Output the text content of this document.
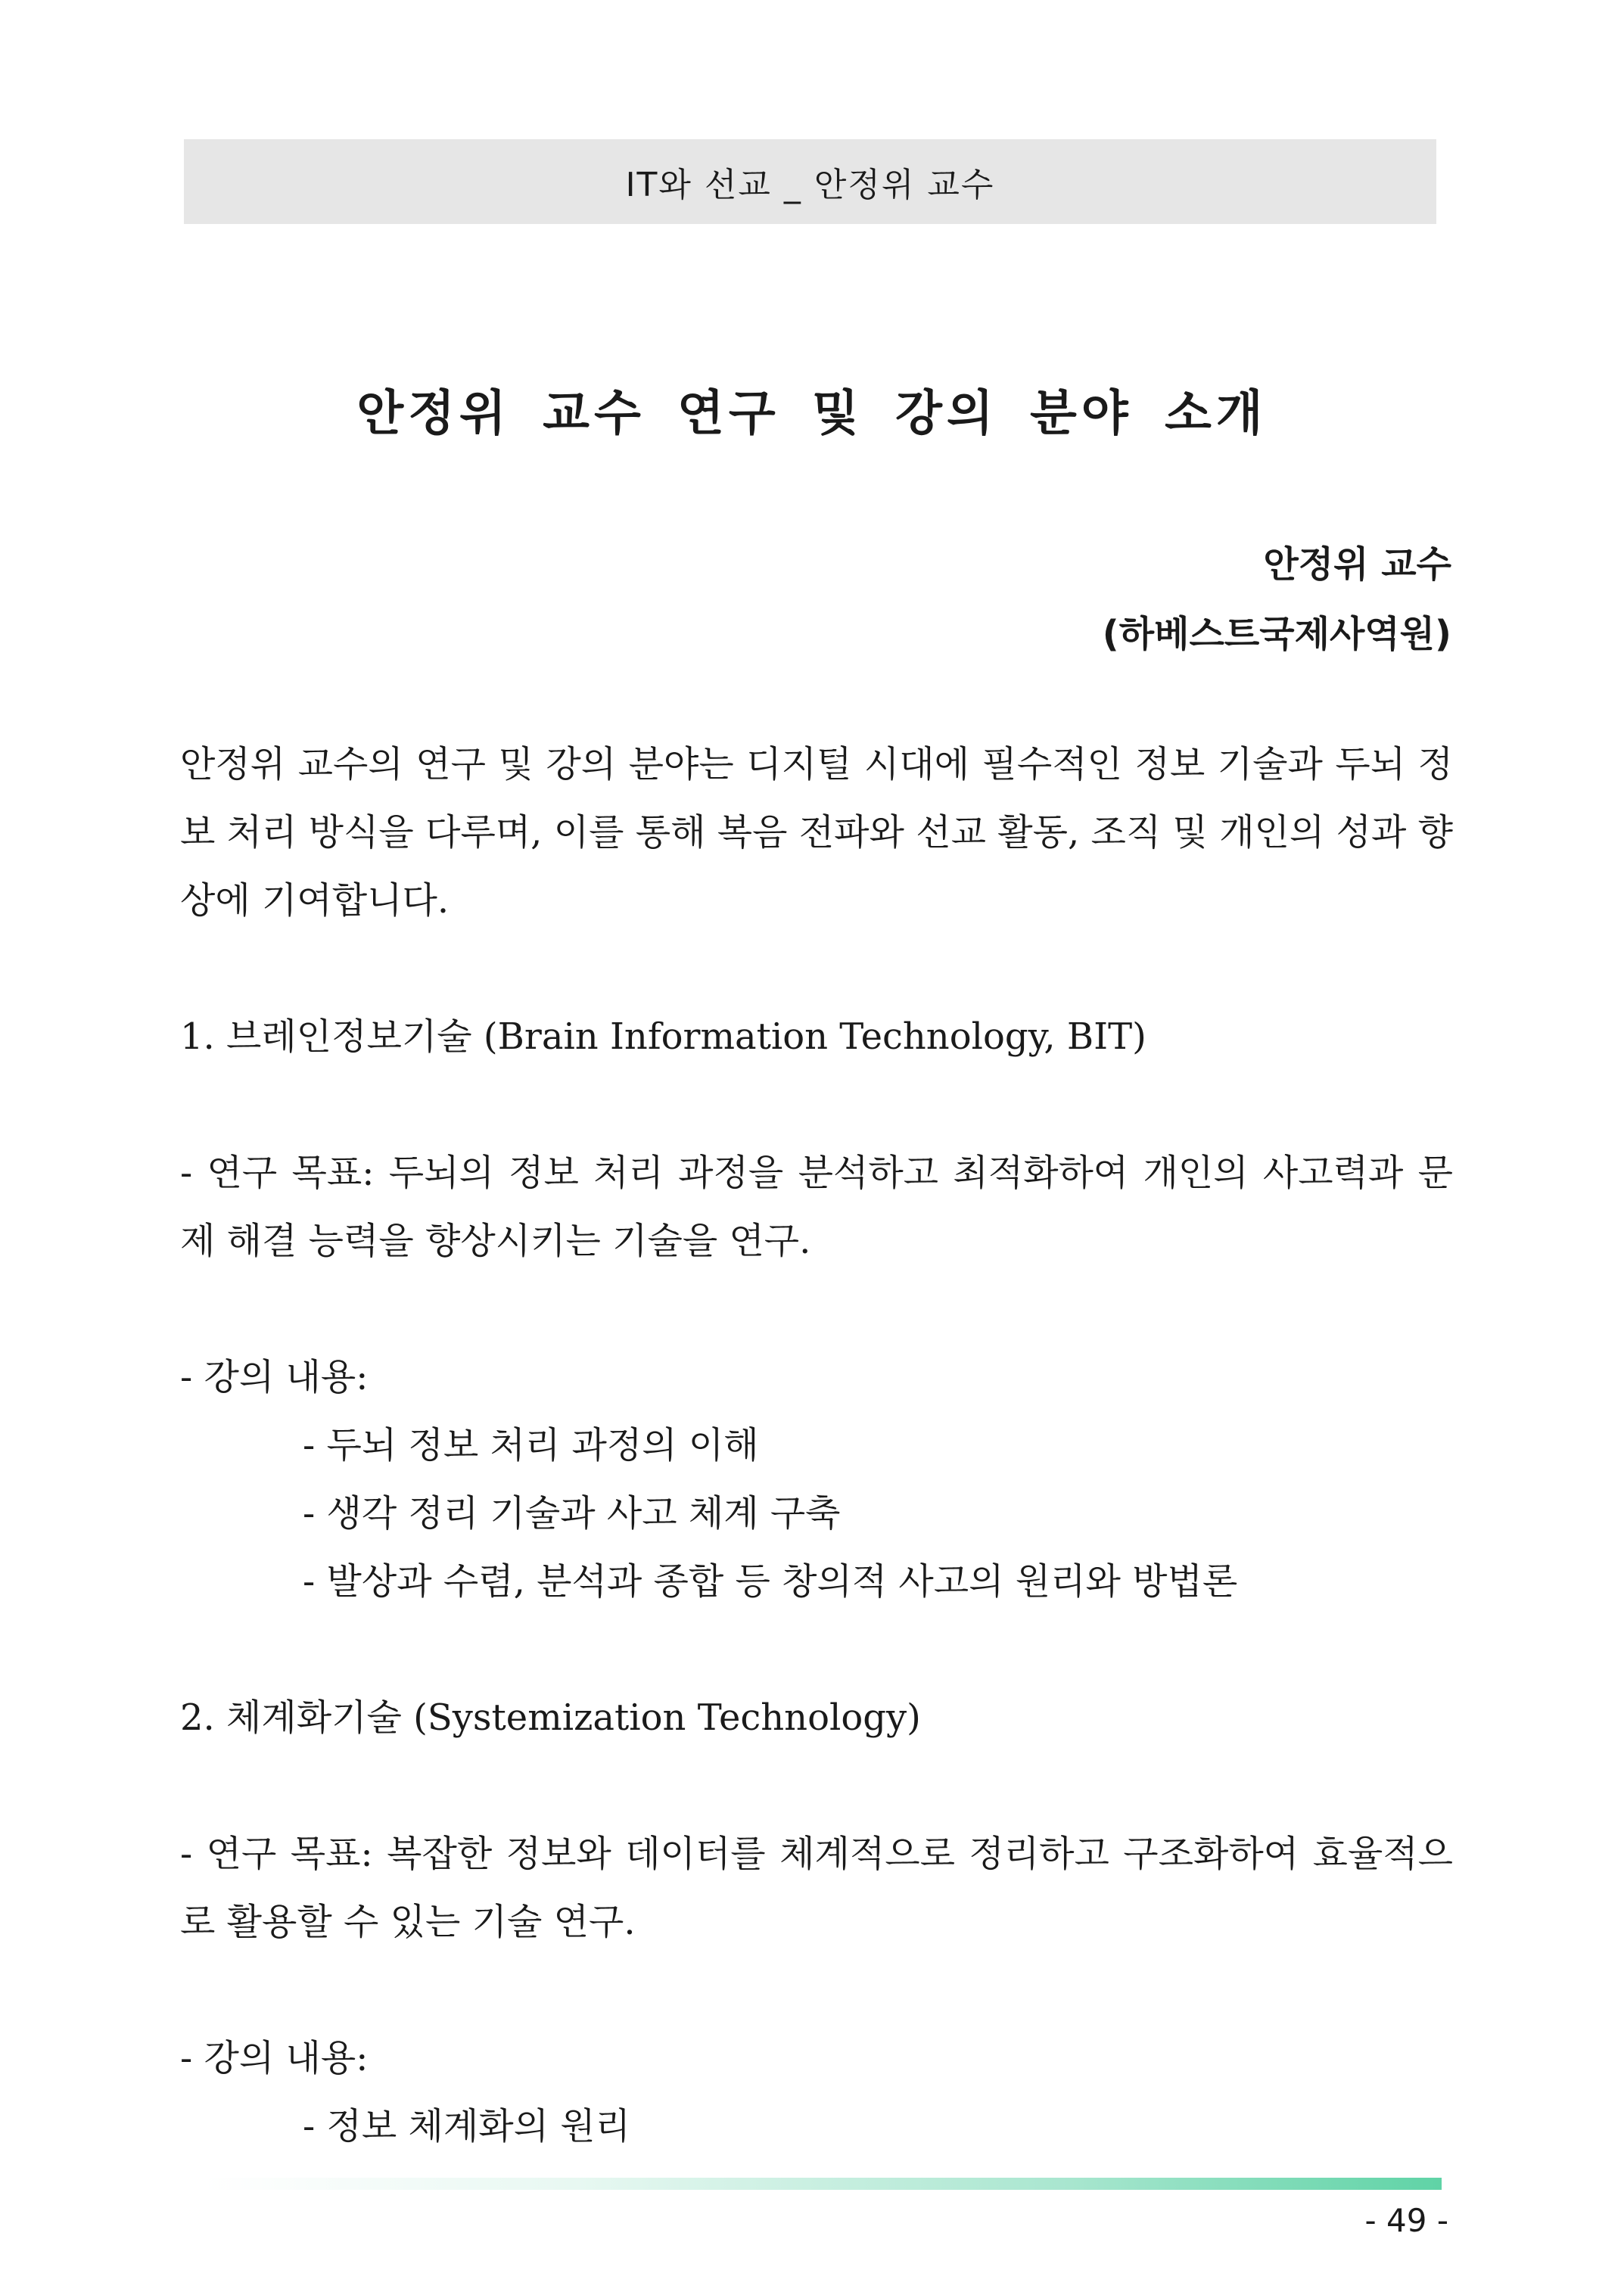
IT와 선교 _ 안정위 교수
안정위 교수 연구 및 강의 분야 소개
안정위 교수
(하베스트국제사역원)
안정위 교수의 연구 및 강의 분야는 디지털 시대에 필수적인 정보 기술과 두뇌 정보 처리 방식을 다루며, 이를 통해 복음 전파와 선교 활동, 조직 및 개인의 성과 향상에 기여합니다.
1. 브레인정보기술 (Brain Information Technology, BIT)
- 연구 목표: 두뇌의 정보 처리 과정을 분석하고 최적화하여 개인의 사고력과 문제 해결 능력을 향상시키는 기술을 연구.
- 강의 내용:
- 두뇌 정보 처리 과정의 이해
- 생각 정리 기술과 사고 체계 구축
- 발상과 수렴, 분석과 종합 등 창의적 사고의 원리와 방법론
2. 체계화기술 (Systemization Technology)
- 연구 목표: 복잡한 정보와 데이터를 체계적으로 정리하고 구조화하여 효율적으로 활용할 수 있는 기술 연구.
- 강의 내용:
- 정보 체계화의 원리
- 49 -
